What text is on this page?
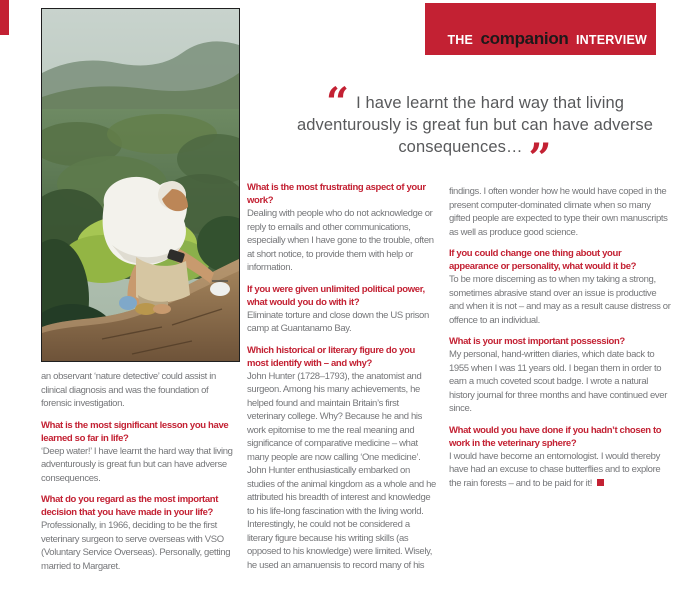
THE companion INTERVIEW
“ I have learnt the hard way that living adventurously is great fun but can have adverse consequences… ”

an observant ‘nature detective’ could assist in clinical diagnosis and was the foundation of forensic investigation.

What is the most significant lesson you have learned so far in life?

‘Deep water!’ I have learnt the hard way that living adventurously is great fun but can have adverse consequences.

What do you regard as the most important decision that you have made in your life?

Professionally, in 1966, deciding to be the first veterinary surgeon to serve overseas with VSO (Voluntary Service Overseas). Personally, getting married to Margaret.

What is the most frustrating aspect of your work?

Dealing with people who do not acknowledge or reply to emails and other communications, especially when I have gone to the trouble, often at short notice, to provide them with help or information.

If you were given unlimited political power, what would you do with it?

Eliminate torture and close down the US prison camp at Guantanamo Bay.

Which historical or literary figure do you most identify with – and why?

John Hunter (1728–1793), the anatomist and surgeon. Among his many achievements, he helped found and maintain Britain’s first veterinary college. Why? Because he and his work epitomise to me the real meaning and significance of comparative medicine – what many people are now calling ‘One medicine’. John Hunter enthusiastically embarked on studies of the animal kingdom as a whole and he attributed his breadth of interest and knowledge to his life-long fascination with the living world. Interestingly, he could not be considered a literary figure because his writing skills (as opposed to his knowledge) were limited. Wisely, he used an amanuensis to record many of his

findings. I often wonder how he would have coped in the present computer-dominated climate when so many gifted people are expected to type their own manuscripts as well as produce good science.

If you could change one thing about your appearance or personality, what would it be?

To be more discerning as to when my taking a strong, sometimes abrasive stand over an issue is productive and when it is not – and may as a result cause distress or offence to an individual.

What is your most important possession?

My personal, hand-written diaries, which date back to 1955 when I was 11 years old. I began them in order to earn a much coveted scout badge. I wrote a natural history journal for three months and have continued ever since.

What would you have done if you hadn’t chosen to work in the veterinary sphere?

I would have become an entomologist. I would thereby have had an excuse to chase butterflies and to explore the rain forests – and to be paid for it!
